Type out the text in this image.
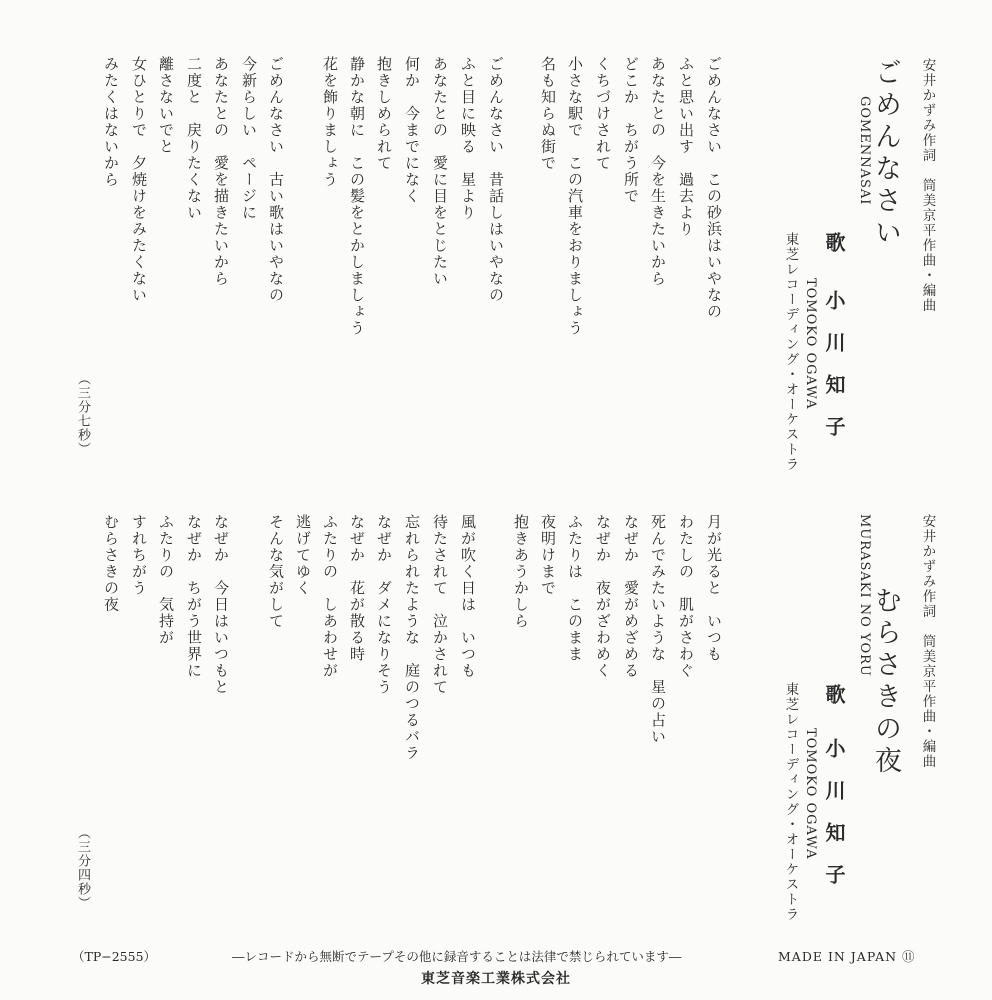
安井かずみ作詞　筒美京平作曲・編曲
ごめんなさい
GOMENNASAI
歌
小川知子
TOMOKO OGAWA
東芝レコーディング・オーケストラ
ごめんなさい　この砂浜はいやなの
ふと思い出す　過去より
あなたとの　今を生きたいから
どこか　ちがう所で
くちづけされて
小さな駅で　この汽車をおりましょう
名も知らぬ街で
ごめんなさい　昔話しはいやなの
ふと目に映る　星より
あなたとの　愛に目をとじたい
何か　今までになく
抱きしめられて
静かな朝に　この髪をとかしましょう
花を飾りましょう
ごめんなさい　古い歌はいやなの
今新らしい　ページに
あなたとの　愛を描きたいから
二度と　戻りたくない
離さないでと
女ひとりで　夕焼けをみたくない
みたくはないから
（三分七秒）
安井かずみ作詞　筒美京平作曲・編曲
むらさきの夜
MURASAKI NO YORU
歌
小川知子
TOMOKO OGAWA
東芝レコーディング・オーケストラ
月が光ると　いつも
わたしの　肌がさわぐ
死んでみたいような　星の占い
なぜか　愛がめざめる
なぜか　夜がざわめく
ふたりは　このまま
夜明けまで
抱きあうかしら
風が吹く日は　いつも
待たされて　泣かされて
忘れられたような　庭のつるバラ
なぜか　ダメになりそう
なぜか　花が散る時
ふたりの　しあわせが
逃げてゆく
そんな気がして
なぜか　今日はいつもと
なぜか　ちがう世界に
ふたりの　気持が
すれちがう
むらさきの夜
（三分四秒）
（TP−2555）	―レコードから無断でテープその他に録音することは法律で禁じられています―	MADE IN JAPAN ⑪
東芝音楽工業株式会社
